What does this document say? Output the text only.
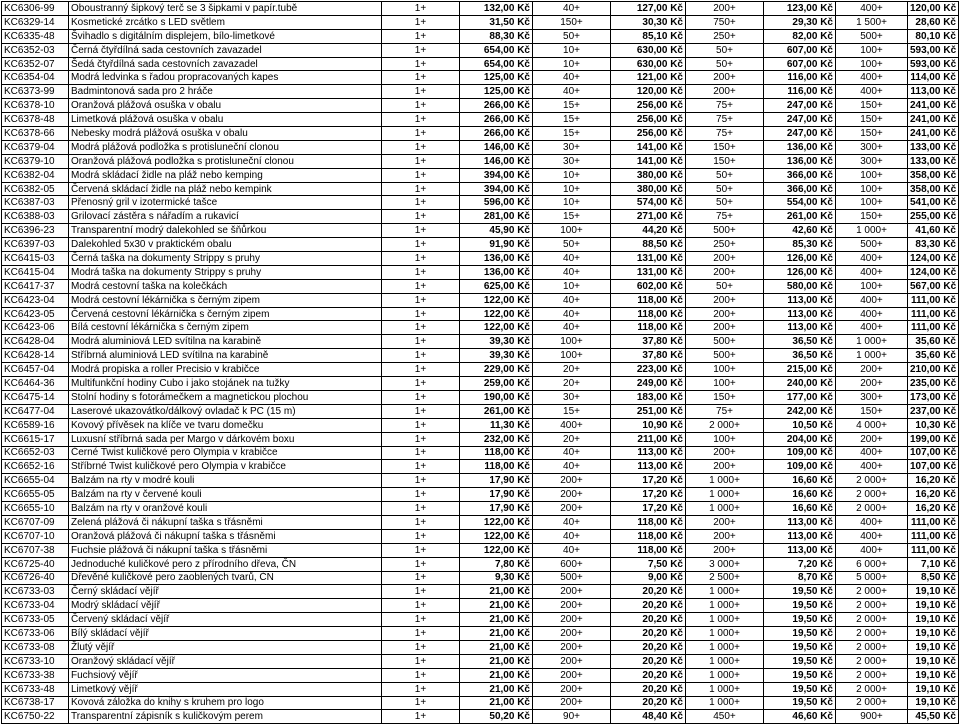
KC6306-99	Oboustranný šipkový terč se 3 šipkami v papír.tubě	1+	132,00 Kč	40+	127,00 Kč	200+	123,00 Kč	400+	120,00 Kč
KC6329-14	Kosmetické zrcátko s LED světlem	1+	31,50 Kč	150+	30,30 Kč	750+	29,30 Kč	1 500+	28,60 Kč
KC6335-48	Švihadlo s digitálním displejem, bílo-limetkové	1+	88,30 Kč	50+	85,10 Kč	250+	82,00 Kč	500+	80,10 Kč
KC6352-03	Černá čtyřdílná sada cestovních zavazadel	1+	654,00 Kč	10+	630,00 Kč	50+	607,00 Kč	100+	593,00 Kč
KC6352-07	Šedá čtyřdílná sada cestovních zavazadel	1+	654,00 Kč	10+	630,00 Kč	50+	607,00 Kč	100+	593,00 Kč
KC6354-04	Modrá ledvinka s řadou propracovaných kapes	1+	125,00 Kč	40+	121,00 Kč	200+	116,00 Kč	400+	114,00 Kč
KC6373-99	Badmintonová sada pro 2 hráče	1+	125,00 Kč	40+	120,00 Kč	200+	116,00 Kč	400+	113,00 Kč
KC6378-10	Oranžová plážová osuška v obalu	1+	266,00 Kč	15+	256,00 Kč	75+	247,00 Kč	150+	241,00 Kč
KC6378-48	Limetková plážová osuška v obalu	1+	266,00 Kč	15+	256,00 Kč	75+	247,00 Kč	150+	241,00 Kč
KC6378-66	Nebesky modrá plážová osuška v obalu	1+	266,00 Kč	15+	256,00 Kč	75+	247,00 Kč	150+	241,00 Kč
KC6379-04	Modrá plážová podložka s protisluneční clonou	1+	146,00 Kč	30+	141,00 Kč	150+	136,00 Kč	300+	133,00 Kč
KC6379-10	Oranžová plážová podložka s protisluneční clonou	1+	146,00 Kč	30+	141,00 Kč	150+	136,00 Kč	300+	133,00 Kč
KC6382-04	Modrá skládací židle na pláž nebo kemping	1+	394,00 Kč	10+	380,00 Kč	50+	366,00 Kč	100+	358,00 Kč
KC6382-05	Červená skládací židle na pláž nebo kempink	1+	394,00 Kč	10+	380,00 Kč	50+	366,00 Kč	100+	358,00 Kč
KC6387-03	Přenosný gril v izotermické tašce	1+	596,00 Kč	10+	574,00 Kč	50+	554,00 Kč	100+	541,00 Kč
KC6388-03	Grilovací zástěra s nářadím a rukavicí	1+	281,00 Kč	15+	271,00 Kč	75+	261,00 Kč	150+	255,00 Kč
KC6396-23	Transparentní modrý dalekohled se šňůrkou	1+	45,90 Kč	100+	44,20 Kč	500+	42,60 Kč	1 000+	41,60 Kč
KC6397-03	Dalekohled 5x30 v praktickém obalu	1+	91,90 Kč	50+	88,50 Kč	250+	85,30 Kč	500+	83,30 Kč
KC6415-03	Černá taška na dokumenty Strippy s pruhy	1+	136,00 Kč	40+	131,00 Kč	200+	126,00 Kč	400+	124,00 Kč
KC6415-04	Modrá taška na dokumenty Strippy s pruhy	1+	136,00 Kč	40+	131,00 Kč	200+	126,00 Kč	400+	124,00 Kč
KC6417-37	Modrá cestovní taška na kolečkách	1+	625,00 Kč	10+	602,00 Kč	50+	580,00 Kč	100+	567,00 Kč
KC6423-04	Modrá cestovní lékárnička s černým zipem	1+	122,00 Kč	40+	118,00 Kč	200+	113,00 Kč	400+	111,00 Kč
KC6423-05	Červená cestovní lékárnička s černým zipem	1+	122,00 Kč	40+	118,00 Kč	200+	113,00 Kč	400+	111,00 Kč
KC6423-06	Bílá cestovní lékárnička s černým zipem	1+	122,00 Kč	40+	118,00 Kč	200+	113,00 Kč	400+	111,00 Kč
KC6428-04	Modrá aluminiová LED svítilna na karabině	1+	39,30 Kč	100+	37,80 Kč	500+	36,50 Kč	1 000+	35,60 Kč
KC6428-14	Stříbrná aluminiová LED svítilna na karabině	1+	39,30 Kč	100+	37,80 Kč	500+	36,50 Kč	1 000+	35,60 Kč
KC6457-04	Modrá propiska a roller Precisio v krabičce	1+	229,00 Kč	20+	223,00 Kč	100+	215,00 Kč	200+	210,00 Kč
KC6464-36	Multifunkční hodiny Cubo i jako stojánek na tužky	1+	259,00 Kč	20+	249,00 Kč	100+	240,00 Kč	200+	235,00 Kč
KC6475-14	Stolní hodiny s fotorámečkem a magnetickou plochou	1+	190,00 Kč	30+	183,00 Kč	150+	177,00 Kč	300+	173,00 Kč
KC6477-04	Laserové ukazovátko/dálkový ovladač k PC (15 m)	1+	261,00 Kč	15+	251,00 Kč	75+	242,00 Kč	150+	237,00 Kč
KC6589-16	Kovový přívěsek na klíče ve tvaru domečku	1+	11,30 Kč	400+	10,90 Kč	2 000+	10,50 Kč	4 000+	10,30 Kč
KC6615-17	Luxusní stříbrná sada per Margo v dárkovém boxu	1+	232,00 Kč	20+	211,00 Kč	100+	204,00 Kč	200+	199,00 Kč
KC6652-03	Černé Twist kuličkové pero Olympia v krabičce	1+	118,00 Kč	40+	113,00 Kč	200+	109,00 Kč	400+	107,00 Kč
KC6652-16	Stříbrné Twist kuličkové pero Olympia v krabičce	1+	118,00 Kč	40+	113,00 Kč	200+	109,00 Kč	400+	107,00 Kč
KC6655-04	Balzám na rty v modré kouli	1+	17,90 Kč	200+	17,20 Kč	1 000+	16,60 Kč	2 000+	16,20 Kč
KC6655-05	Balzám na rty v červené kouli	1+	17,90 Kč	200+	17,20 Kč	1 000+	16,60 Kč	2 000+	16,20 Kč
KC6655-10	Balzám na rty v oranžové kouli	1+	17,90 Kč	200+	17,20 Kč	1 000+	16,60 Kč	2 000+	16,20 Kč
KC6707-09	Zelená plážová či nákupní taška s třásněmi	1+	122,00 Kč	40+	118,00 Kč	200+	113,00 Kč	400+	111,00 Kč
KC6707-10	Oranžová plážová či nákupní taška s třásněmi	1+	122,00 Kč	40+	118,00 Kč	200+	113,00 Kč	400+	111,00 Kč
KC6707-38	Fuchsie plážová či nákupní taška s třásněmi	1+	122,00 Kč	40+	118,00 Kč	200+	113,00 Kč	400+	111,00 Kč
KC6725-40	Jednoduché kuličkové pero z přírodního dřeva, ČN	1+	7,80 Kč	600+	7,50 Kč	3 000+	7,20 Kč	6 000+	7,10 Kč
KC6726-40	Dřevěné kuličkové pero zaoblených tvarů, ČN	1+	9,30 Kč	500+	9,00 Kč	2 500+	8,70 Kč	5 000+	8,50 Kč
KC6733-03	Černý skládací vějíř	1+	21,00 Kč	200+	20,20 Kč	1 000+	19,50 Kč	2 000+	19,10 Kč
KC6733-04	Modrý skládací vějíř	1+	21,00 Kč	200+	20,20 Kč	1 000+	19,50 Kč	2 000+	19,10 Kč
KC6733-05	Červený skládací vějíř	1+	21,00 Kč	200+	20,20 Kč	1 000+	19,50 Kč	2 000+	19,10 Kč
KC6733-06	Bílý skládací vějíř	1+	21,00 Kč	200+	20,20 Kč	1 000+	19,50 Kč	2 000+	19,10 Kč
KC6733-08	Žlutý vějíř	1+	21,00 Kč	200+	20,20 Kč	1 000+	19,50 Kč	2 000+	19,10 Kč
KC6733-10	Oranžový skládací vějíř	1+	21,00 Kč	200+	20,20 Kč	1 000+	19,50 Kč	2 000+	19,10 Kč
KC6733-38	Fuchsiový vějíř	1+	21,00 Kč	200+	20,20 Kč	1 000+	19,50 Kč	2 000+	19,10 Kč
KC6733-48	Limetkový vějíř	1+	21,00 Kč	200+	20,20 Kč	1 000+	19,50 Kč	2 000+	19,10 Kč
KC6738-17	Kovová záložka do knihy s kruhem pro logo	1+	21,00 Kč	200+	20,20 Kč	1 000+	19,50 Kč	2 000+	19,10 Kč
KC6750-22	Transparentní zápisník s kuličkovým perem	1+	50,20 Kč	90+	48,40 Kč	450+	46,60 Kč	900+	45,50 Kč
